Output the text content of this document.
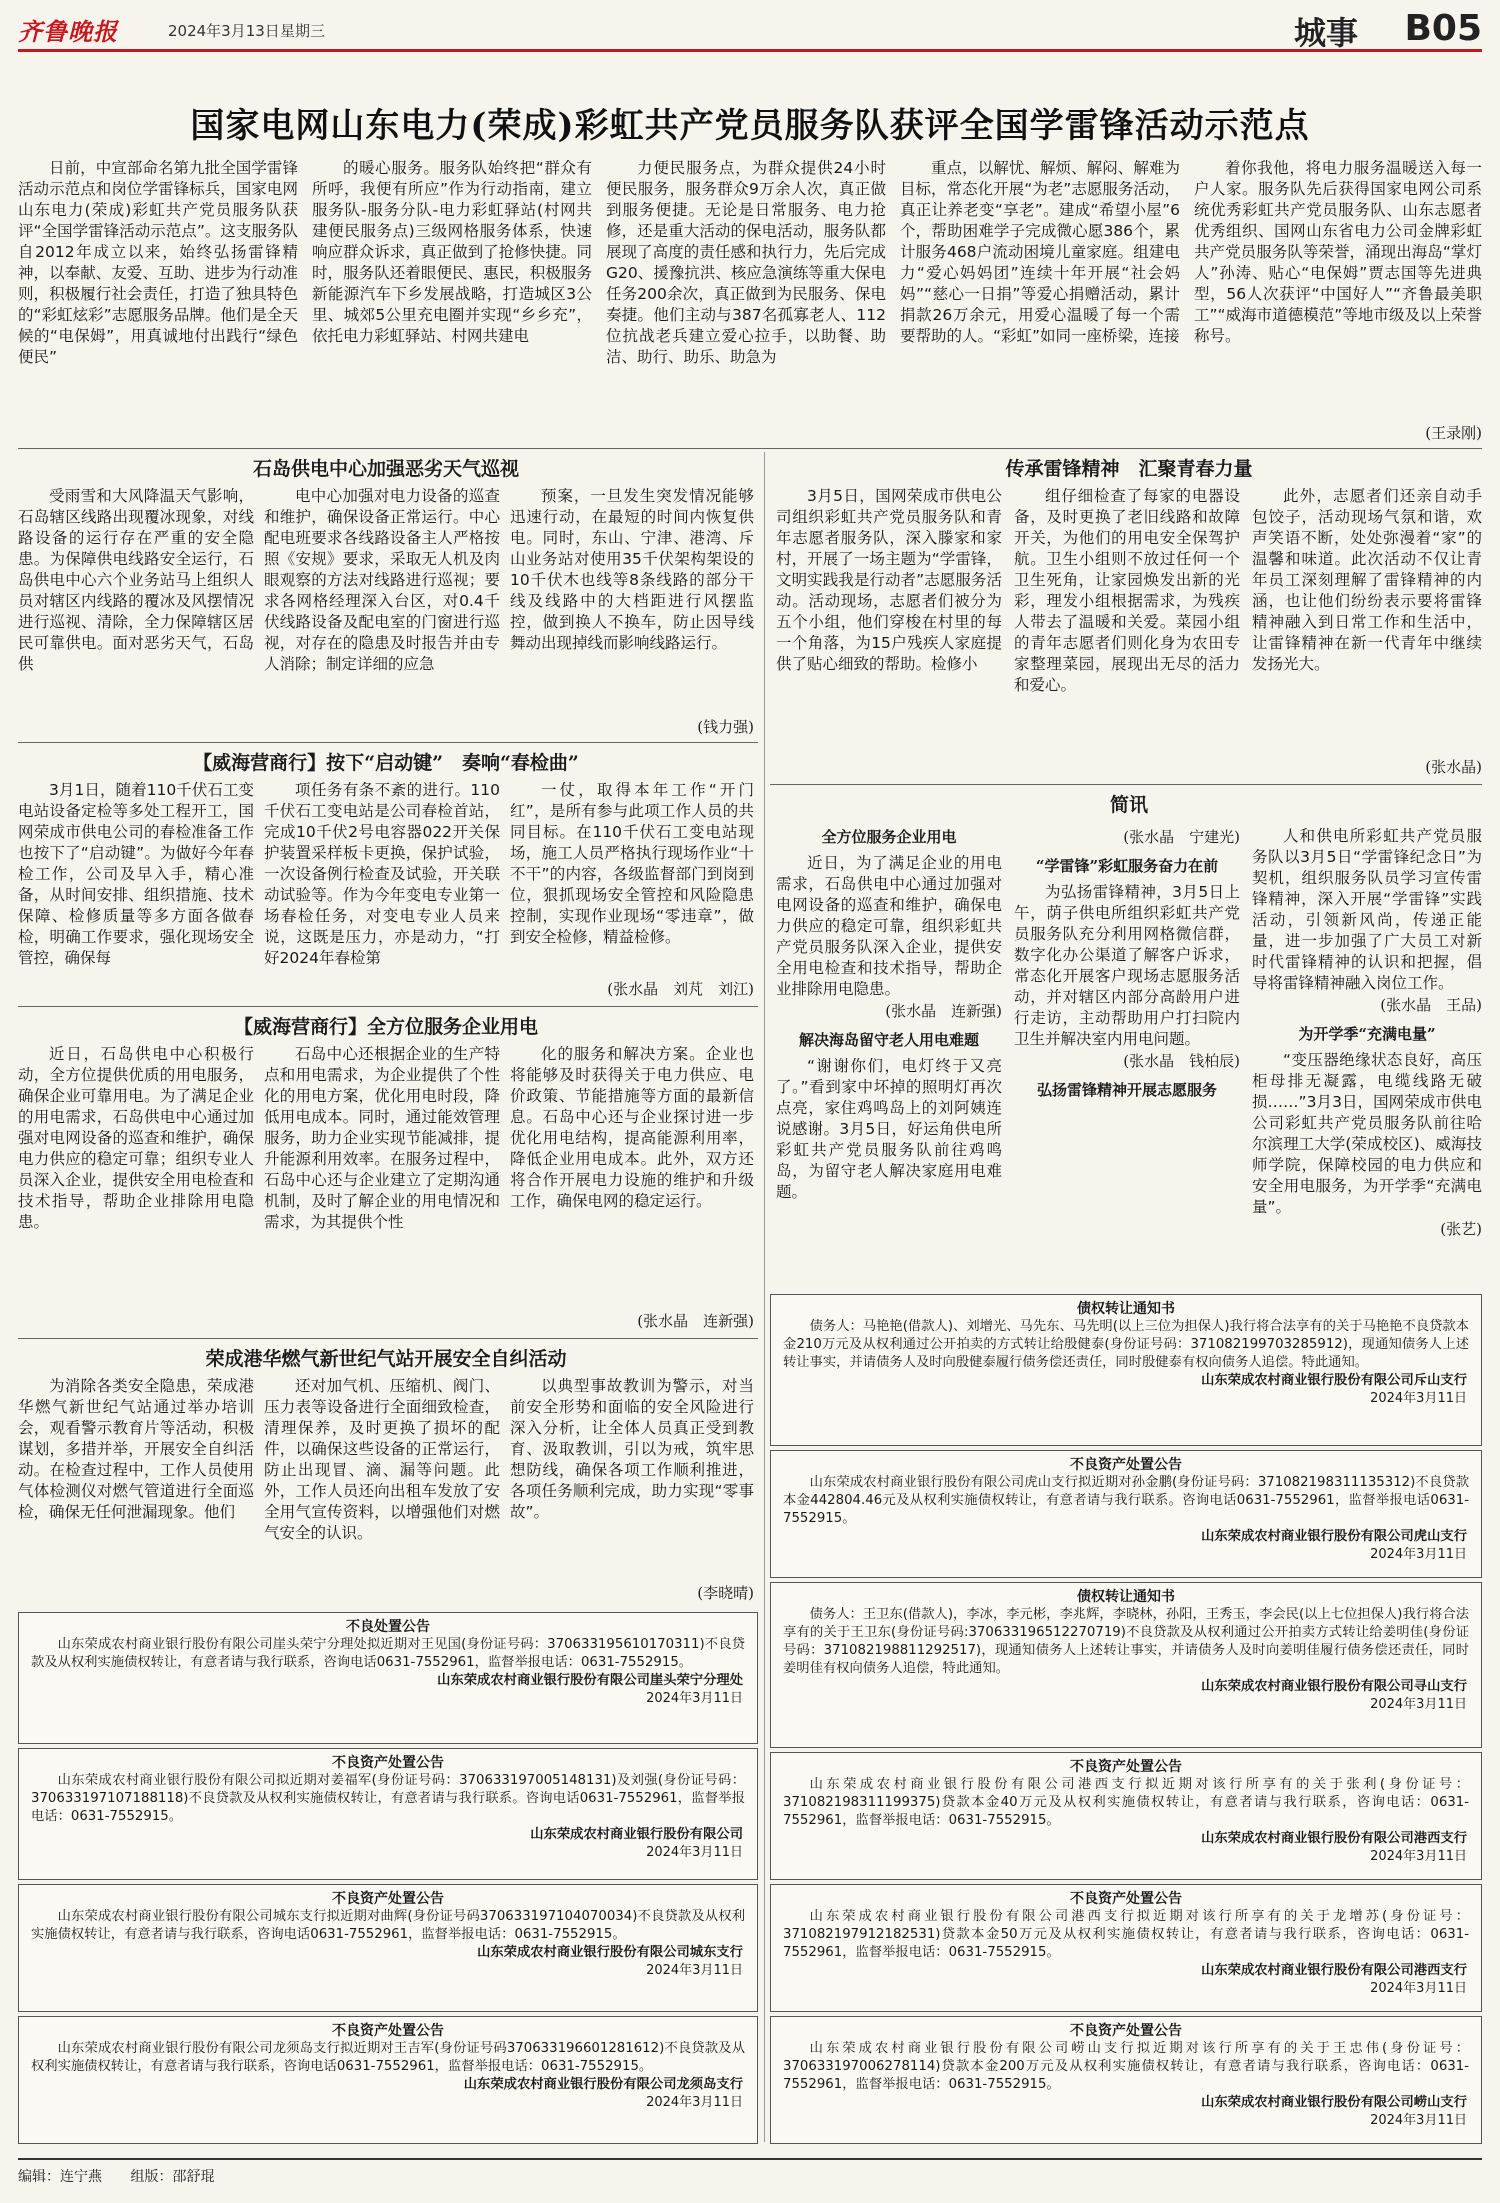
齐鲁晚报	2024年3月13日 星期三	城事 B05
国家电网山东电力(荣成)彩虹共产党员服务队获评全国学雷锋活动示范点

日前，中宣部命名第九批全国学雷锋活动示范点和岗位学雷锋标兵，国家电网山东电力(荣成)彩虹共产党员服务队获评“全国学雷锋活动示范点”。这支服务队自2012年成立以来，始终弘扬雷锋精神，以奉献、友爱、互助、进步为行动准则，积极履行社会责任，打造了独具特色的“彩虹炫彩”志愿服务品牌。他们是全天候的“电保姆”，用真诚地付出践行“绿色便民”

的暖心服务。服务队始终把“群众有所呼，我便有所应”作为行动指南，建立服务队-服务分队-电力彩虹驿站(村网共建便民服务点)三级网格服务体系，快速响应群众诉求，真正做到了抢修快捷。同时，服务队还着眼便民、惠民，积极服务新能源汽车下乡发展战略，打造城区3公里、城郊5公里充电圈并实现“乡乡充”，依托电力彩虹驿站、村网共建电

力便民服务点，为群众提供24小时便民服务，服务群众9万余人次，真正做到服务便捷。无论是日常服务、电力抢修，还是重大活动的保电活动，服务队都展现了高度的责任感和执行力，先后完成G20、援豫抗洪、核应急演练等重大保电任务200余次，真正做到为民服务、保电奏捷。他们主动与387名孤寡老人、112位抗战老兵建立爱心拉手，以助餐、助洁、助行、助乐、助急为

重点，以解忧、解烦、解闷、解难为目标，常态化开展“为老”志愿服务活动，真正让养老变“享老”。建成“希望小屋”6个，帮助困难学子完成微心愿386个，累计服务468户流动困境儿童家庭。组建电力“爱心妈妈团”连续十年开展“社会妈妈”“慈心一日捐”等爱心捐赠活动，累计捐款26万余元，用爱心温暖了每一个需要帮助的人。“彩虹”如同一座桥梁，连接

着你我他，将电力服务温暖送入每一户人家。服务队先后获得国家电网公司系统优秀彩虹共产党员服务队、山东志愿者优秀组织、国网山东省电力公司金牌彩虹共产党员服务队等荣誉，涌现出海岛“掌灯人”孙涛、贴心“电保姆”贾志国等先进典型，56人次获评“中国好人”“齐鲁最美职工”“威海市道德模范”等地市级及以上荣誉称号。

(王录刚)
石岛供电中心加强恶劣天气巡视

受雨雪和大风降温天气影响，石岛辖区线路出现覆冰现象，对线路设备的运行存在严重的安全隐患。为保障供电线路安全运行，石岛供电中心六个业务站马上组织人员对辖区内线路的覆冰及风摆情况进行巡视、清除，全力保障辖区居民可靠供电。面对恶劣天气，石岛供

电中心加强对电力设备的巡查和维护，确保设备正常运行。中心配电班要求各线路设备主人严格按照《安规》要求，采取无人机及肉眼观察的方法对线路进行巡视；要求各网格经理深入台区，对0.4千伏线路设备及配电室的门窗进行巡视，对存在的隐患及时报告并由专人消除；制定详细的应急

预案，一旦发生突发情况能够迅速行动，在最短的时间内恢复供电。同时，东山、宁津、港湾、斥山业务站对使用35千伏架构架设的10千伏木也线等8条线路的部分干线及线路中的大档距进行风摆监控，做到换人不换车，防止因导线舞动出现掉线而影响线路运行。

(钱力强)
【威海营商行】按下“启动键”　奏响“春检曲”

3月1日，随着110千伏石工变电站设备定检等多处工程开工，国网荣成市供电公司的春检准备工作也按下了“启动键”。为做好今年春检工作，公司及早入手，精心准备，从时间安排、组织措施、技术保障、检修质量等多方面各做春检，明确工作要求，强化现场安全管控，确保每

项任务有条不紊的进行。110千伏石工变电站是公司春检首站，完成10千伏2号电容器022开关保护装置采样板卡更换，保护试验，一次设备例行检查及试验，开关联动试验等。作为今年变电专业第一场春检任务，对变电专业人员来说，这既是压力，亦是动力，“打好2024年春检第

一仗，取得本年工作“开门红”，是所有参与此项工作人员的共同目标。在110千伏石工变电站现场，施工人员严格执行现场作业“十不干”的内容，各级监督部门到岗到位，狠抓现场安全管控和风险隐患控制，实现作业现场“零违章”，做到安全检修，精益检修。

(张水晶　刘芃　刘江)
【威海营商行】全方位服务企业用电

近日，石岛供电中心积极行动，全方位提供优质的用电服务，确保企业可靠用电。为了满足企业的用电需求，石岛供电中心通过加强对电网设备的巡查和维护，确保电力供应的稳定可靠；组织专业人员深入企业，提供安全用电检查和技术指导，帮助企业排除用电隐患。

石岛中心还根据企业的生产特点和用电需求，为企业提供了个性化的用电方案，优化用电时段，降低用电成本。同时，通过能效管理服务，助力企业实现节能减排，提升能源利用效率。在服务过程中，石岛中心还与企业建立了定期沟通机制，及时了解企业的用电情况和需求，为其提供个性

化的服务和解决方案。企业也将能够及时获得关于电力供应、电价政策、节能措施等方面的最新信息。石岛中心还与企业探讨进一步优化用电结构，提高能源利用率，降低企业用电成本。此外，双方还将合作开展电力设施的维护和升级工作，确保电网的稳定运行。

(张水晶　连新强)
荣成港华燃气新世纪气站开展安全自纠活动

为消除各类安全隐患，荣成港华燃气新世纪气站通过举办培训会，观看警示教育片等活动，积极谋划，多措并举，开展安全自纠活动。在检查过程中，工作人员使用气体检测仪对燃气管道进行全面巡检，确保无任何泄漏现象。他们

还对加气机、压缩机、阀门、压力表等设备进行全面细致检查，清理保养，及时更换了损坏的配件，以确保这些设备的正常运行，防止出现冒、滴、漏等问题。此外，工作人员还向出租车发放了安全用气宣传资料，以增强他们对燃气安全的认识。

以典型事故教训为警示，对当前安全形势和面临的安全风险进行深入分析，让全体人员真正受到教育、汲取教训，引以为戒，筑牢思想防线，确保各项工作顺利推进，各项任务顺利完成，助力实现“零事故”。

(李晓晴)
传承雷锋精神　汇聚青春力量

3月5日，国网荣成市供电公司组织彩虹共产党员服务队和青年志愿者服务队，深入滕家和家村，开展了一场主题为“学雷锋，文明实践我是行动者”志愿服务活动。活动现场，志愿者们被分为五个小组，他们穿梭在村里的每一个角落，为15户残疾人家庭提供了贴心细致的帮助。检修小

组仔细检查了每家的电器设备，及时更换了老旧线路和故障开关，为他们的用电安全保驾护航。卫生小组则不放过任何一个卫生死角，让家园焕发出新的光彩，理发小组根据需求，为残疾人带去了温暖和关爱。菜园小组的青年志愿者们则化身为农田专家整理菜园，展现出无尽的活力和爱心。

此外，志愿者们还亲自动手包饺子，活动现场气氛和谐，欢声笑语不断，处处弥漫着“家”的温馨和味道。此次活动不仅让青年员工深刻理解了雷锋精神的内涵，也让他们纷纷表示要将雷锋精神融入到日常工作和生活中，让雷锋精神在新一代青年中继续发扬光大。

(张水晶)
简讯
全方位服务企业用电

近日，为了满足企业的用电需求，石岛供电中心通过加强对电网设备的巡查和维护，确保电力供应的稳定可靠，组织彩虹共产党员服务队深入企业，提供安全用电检查和技术指导，帮助企业排除用电隐患。

(张水晶　连新强)
解决海岛留守老人用电难题

“谢谢你们，电灯终于又亮了。”看到家中坏掉的照明灯再次点亮，家住鸡鸣岛上的刘阿姨连说感谢。3月5日，好运角供电所彩虹共产党员服务队前往鸡鸣岛，为留守老人解决家庭用电难题。

(张水晶　宁建光)
“学雷锋”彩虹服务奋力在前

为弘扬雷锋精神，3月5日上午，荫子供电所组织彩虹共产党员服务队充分利用网格微信群，数字化办公渠道了解客户诉求，常态化开展客户现场志愿服务活动，并对辖区内部分高龄用户进行走访，主动帮助用户打扫院内卫生并解决室内用电问题。

(张水晶　钱柏辰)
弘扬雷锋精神开展志愿服务

人和供电所彩虹共产党员服务队以3月5日“学雷锋纪念日”为契机，组织服务队员学习宣传雷锋精神，深入开展“学雷锋”实践活动，引领新风尚，传递正能量，进一步加强了广大员工对新时代雷锋精神的认识和把握，倡导将雷锋精神融入岗位工作。

(张水晶　王品)
为开学季“充满电量”

“变压器绝缘状态良好，高压柜母排无凝露，电缆线路无破损……”3月3日，国网荣成市供电公司彩虹共产党员服务队前往哈尔滨理工大学(荣成校区)、威海技师学院，保障校园的电力供应和安全用电服务，为开学季“充满电量”。

(张艺)
不良处置公告
山东荣成农村商业银行股份有限公司崖头荣宁分理处拟近期对王见国(身份证号码：370633195610170311)不良贷款及从权利实施债权转让，有意者请与我行联系，咨询电话0631-7552961，监督举报电话：0631-7552915。
山东荣成农村商业银行股份有限公司崖头荣宁分理处
2024年3月11日
不良资产处置公告
山东荣成农村商业银行股份有限公司拟近期对姜福军(身份证号码：370633197005148131)及刘强(身份证号码：370633197107188118)不良贷款及从权利实施债权转让，有意者请与我行联系。咨询电话0631-7552961，监督举报电话：0631-7552915。
山东荣成农村商业银行股份有限公司
2024年3月11日
不良资产处置公告
山东荣成农村商业银行股份有限公司城东支行拟近期对曲辉(身份证号码370633197104070034)不良贷款及从权利实施债权转让，有意者请与我行联系，咨询电话0631-7552961，监督举报电话：0631-7552915。
山东荣成农村商业银行股份有限公司城东支行
2024年3月11日
不良资产处置公告
山东荣成农村商业银行股份有限公司龙须岛支行拟近期对王吉军(身份证号码370633196601281612)不良贷款及从权利实施债权转让，有意者请与我行联系，咨询电话0631-7552961，监督举报电话：0631-7552915。
山东荣成农村商业银行股份有限公司龙须岛支行
2024年3月11日
债权转让通知书
债务人：马艳艳(借款人)、刘增光、马先东、马先明(以上三位为担保人)我行将合法享有的关于马艳艳不良贷款本金210万元及从权利通过公开拍卖的方式转让给殷健泰(身份证号码：371082199703285912)，现通知债务人上述转让事实，并请债务人及时向殷健泰履行债务偿还责任，同时殷健泰有权向债务人追偿。特此通知。
山东荣成农村商业银行股份有限公司斥山支行
2024年3月11日
不良资产处置公告
山东荣成农村商业银行股份有限公司虎山支行拟近期对孙金鹏(身份证号码：371082198311135312)不良贷款本金442804.46元及从权利实施债权转让，有意者请与我行联系。咨询电话0631-7552961，监督举报电话0631-7552915。
山东荣成农村商业银行股份有限公司虎山支行
2024年3月11日
债权转让通知书
债务人：王卫东(借款人)，李冰，李元彬，李兆辉，李晓林，孙阳，王秀玉，李会民(以上七位担保人)我行将合法享有的关于王卫东(身份证号码:370633196512270719)不良贷款及从权利通过公开拍卖方式转让给姜明佳(身份证号码：371082198811292517)，现通知债务人上述转让事实，并请债务人及时向姜明佳履行债务偿还责任，同时姜明佳有权向债务人追偿，特此通知。
山东荣成农村商业银行股份有限公司寻山支行
2024年3月11日
不良资产处置公告
山东荣成农村商业银行股份有限公司港西支行拟近期对该行所享有的关于张利(身份证号：371082198311199375)贷款本金40万元及从权利实施债权转让，有意者请与我行联系，咨询电话：0631-7552961，监督举报电话：0631-7552915。
山东荣成农村商业银行股份有限公司港西支行
2024年3月11日
不良资产处置公告
山东荣成农村商业银行股份有限公司港西支行拟近期对该行所享有的关于龙增苏(身份证号：371082197912182531)贷款本金50万元及从权利实施债权转让，有意者请与我行联系，咨询电话：0631-7552961，监督举报电话：0631-7552915。
山东荣成农村商业银行股份有限公司港西支行
2024年3月11日
不良资产处置公告
山东荣成农村商业银行股份有限公司崂山支行拟近期对该行所享有的关于王忠伟(身份证号：370633197006278114)贷款本金200万元及从权利实施债权转让，有意者请与我行联系，咨询电话：0631-7552961，监督举报电话：0631-7552915。
山东荣成农村商业银行股份有限公司崂山支行
2024年3月11日
编辑：连宁燕 组版：邵舒琨
